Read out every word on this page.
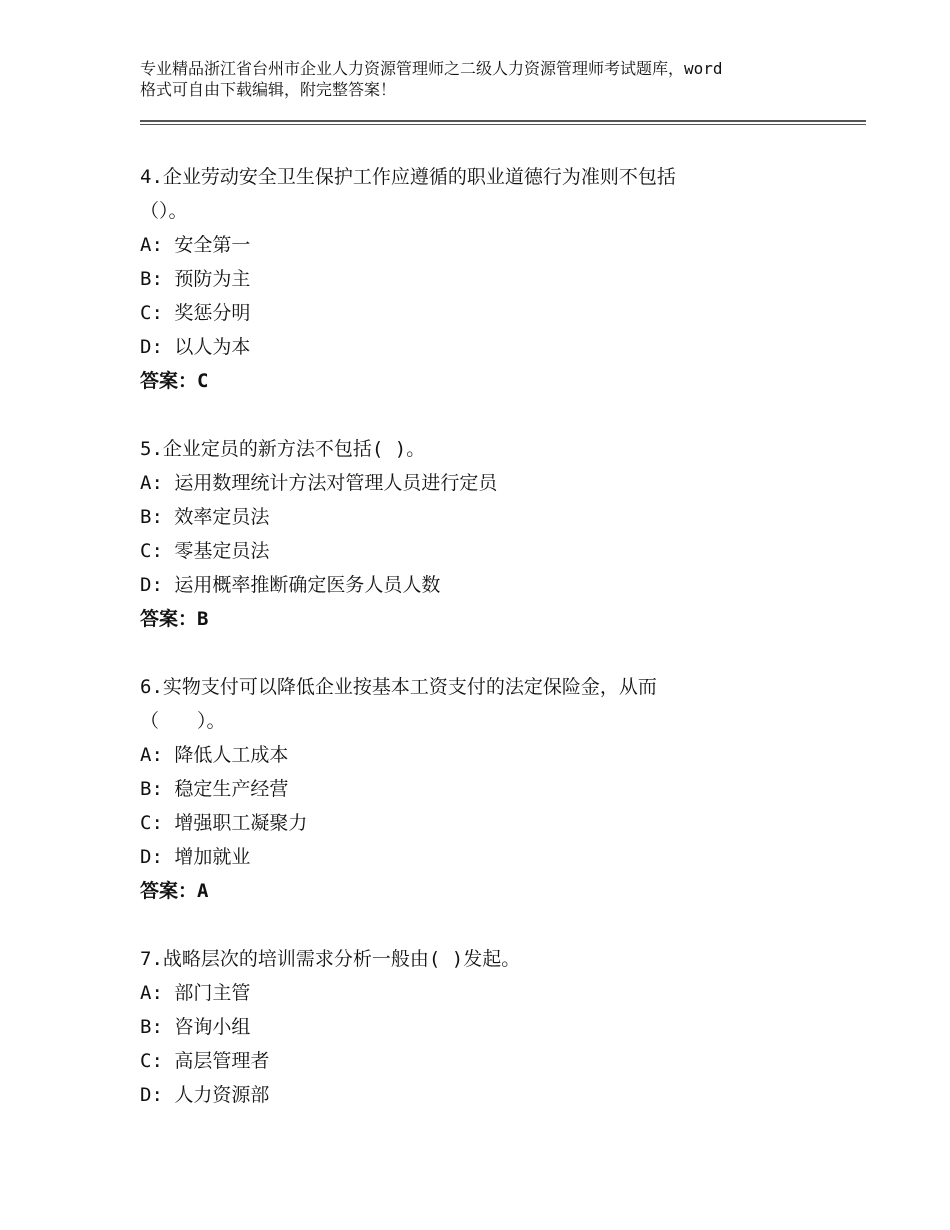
专业精品浙江省台州市企业人力资源管理师之二级人力资源管理师考试题库，word
格式可自由下载编辑，附完整答案！
4.企业劳动安全卫生保护工作应遵循的职业道德行为准则不包括
（）。
A: 安全第一
B: 预防为主
C: 奖惩分明
D: 以人为本
答案：C
5.企业定员的新方法不包括( )。
A: 运用数理统计方法对管理人员进行定员
B: 效率定员法
C: 零基定员法
D: 运用概率推断确定医务人员人数
答案：B
6.实物支付可以降低企业按基本工资支付的法定保险金，从而
（　　）。
A: 降低人工成本
B: 稳定生产经营
C: 增强职工凝聚力
D: 增加就业
答案：A
7.战略层次的培训需求分析一般由( )发起。
A: 部门主管
B: 咨询小组
C: 高层管理者
D: 人力资源部
